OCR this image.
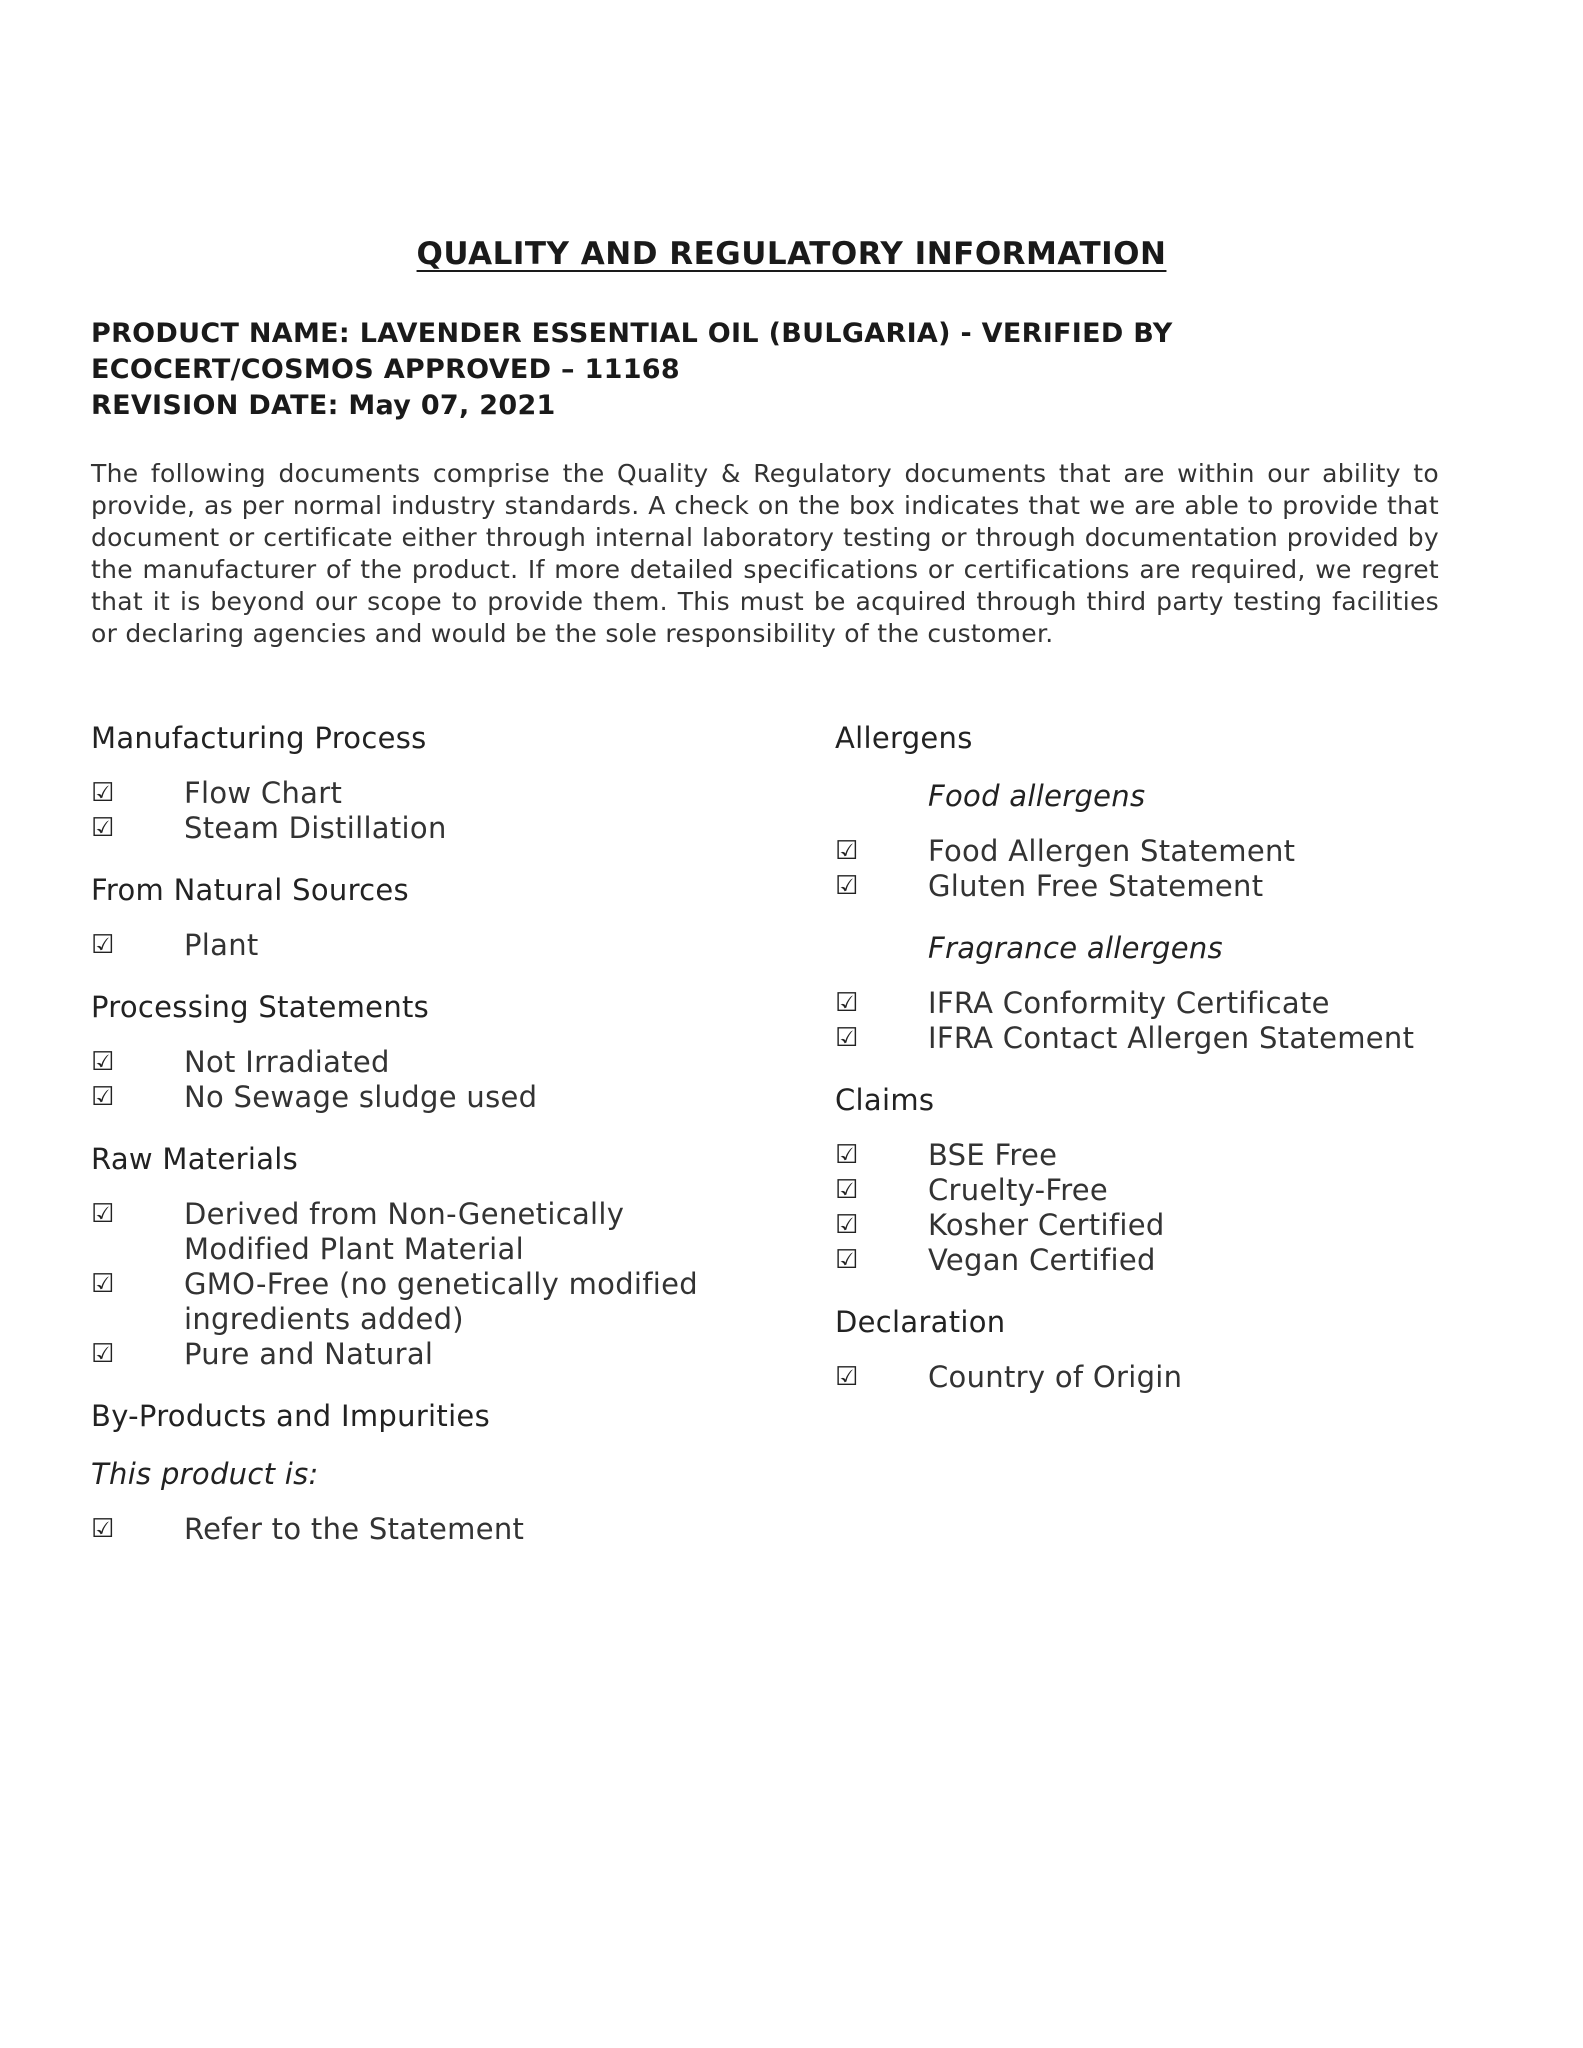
QUALITY AND REGULATORY INFORMATION
PRODUCT NAME: LAVENDER ESSENTIAL OIL (BULGARIA) - VERIFIED BY
ECOCERT/COSMOS APPROVED – 11168
REVISION DATE: May 07, 2021
The following documents comprise the Quality & Regulatory documents that are within our ability to provide, as per normal industry standards. A check on the box indicates that we are able to provide that document or certificate either through internal laboratory testing or through documentation provided by the manufacturer of the product. If more detailed specifications or certifications are required, we regret that it is beyond our scope to provide them. This must be acquired through third party testing facilities or declaring agencies and would be the sole responsibility of the customer.
Manufacturing Process
☑	Flow Chart
☑	Steam Distillation
From Natural Sources
☑	Plant
Processing Statements
☑	Not Irradiated
☑	No Sewage sludge used
Raw Materials
☑	Derived from Non-Genetically Modified Plant Material
☑	GMO-Free (no genetically modified ingredients added)
☑	Pure and Natural
By-Products and Impurities
This product is:
☑	Refer to the Statement
Allergens
Food allergens
☑	Food Allergen Statement
☑	Gluten Free Statement
Fragrance allergens
☑	IFRA Conformity Certificate
☑	IFRA Contact Allergen Statement
Claims
☑	BSE Free
☑	Cruelty-Free
☑	Kosher Certified
☑	Vegan Certified
Declaration
☑	Country of Origin
